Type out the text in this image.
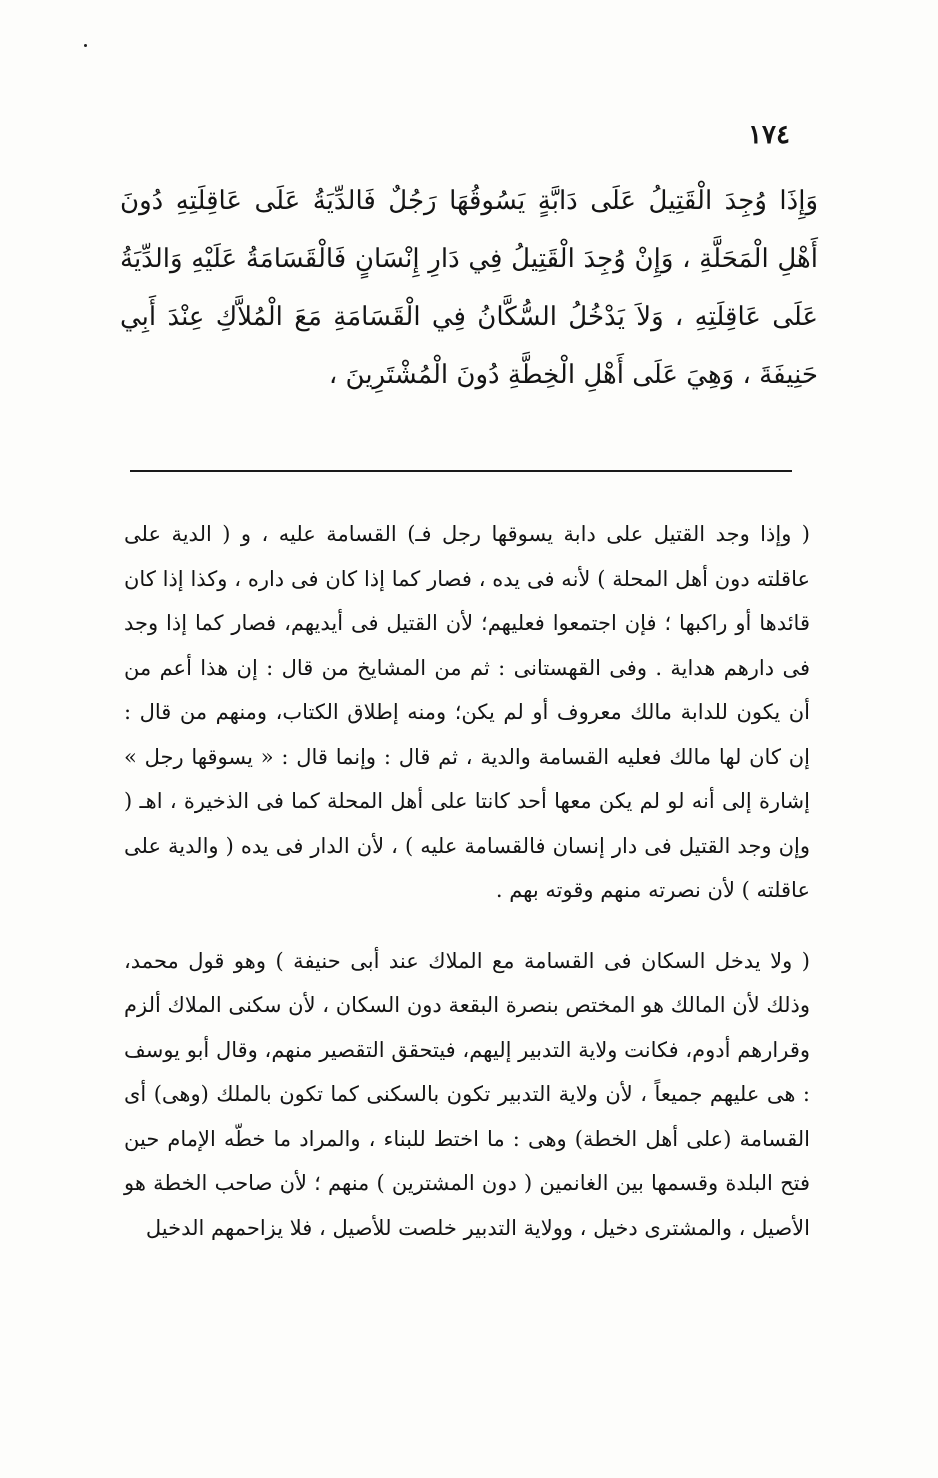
١٧٤

وَإِذَا وُجِدَ الْقَتِيلُ عَلَى دَابَّةٍ يَسُوقُهَا رَجُلٌ فَالدِّيَةُ عَلَى عَاقِلَتِهِ دُونَ أَهْلِ الْمَحَلَّةِ ، وَإِنْ وُجِدَ الْقَتِيلُ فِي دَارِ إِنْسَانٍ فَالْقَسَامَةُ عَلَيْهِ وَالدِّيَةُ عَلَى عَاقِلَتِهِ ، وَلاَ يَدْخُلُ السُّكَّانُ فِي الْقَسَامَةِ مَعَ الْمُلاَّكِ عِنْدَ أَبِي حَنِيفَةَ ، وَهِيَ عَلَى أَهْلِ الْخِطَّةِ دُونَ الْمُشْتَرِينَ ،

( وإذا وجد القتيل على دابة يسوقها رجل فـ) القسامة عليه ، و ( الدية على عاقلته دون أهل المحلة ) لأنه فى يده ، فصار كما إذا كان فى داره ، وكذا إذا كان قائدها أو راكبها ؛ فإن اجتمعوا فعليهم؛ لأن القتيل فى أيديهم، فصار كما إذا وجد فى دارهم هداية . وفى القهستانى : ثم من المشايخ من قال : إن هذا أعم من أن يكون للدابة مالك معروف أو لم يكن؛ ومنه إطلاق الكتاب، ومنهم من قال : إن كان لها مالك فعليه القسامة والدية ، ثم قال : وإنما قال : « يسوقها رجل » إشارة إلى أنه لو لم يكن معها أحد كانتا على أهل المحلة كما فى الذخيرة ، اهـ ( وإن وجد القتيل فى دار إنسان فالقسامة عليه ) ، لأن الدار فى يده ( والدية على عاقلته ) لأن نصرته منهم وقوته بهم .

( ولا يدخل السكان فى القسامة مع الملاك عند أبى حنيفة ) وهو قول محمد، وذلك لأن المالك هو المختص بنصرة البقعة دون السكان ، لأن سكنى الملاك ألزم وقرارهم أدوم، فكانت ولاية التدبير إليهم، فيتحقق التقصير منهم، وقال أبو يوسف : هى عليهم جميعاً ، لأن ولاية التدبير تكون بالسكنى كما تكون بالملك (وهى) أى القسامة (على أهل الخطة) وهى : ما اختط للبناء ، والمراد ما خطّه الإمام حين فتح البلدة وقسمها بين الغانمين ( دون المشترين ) منهم ؛ لأن صاحب الخطة هو الأصيل ، والمشترى دخيل ، وولاية التدبير خلصت للأصيل ، فلا يزاحمهم الدخيل
